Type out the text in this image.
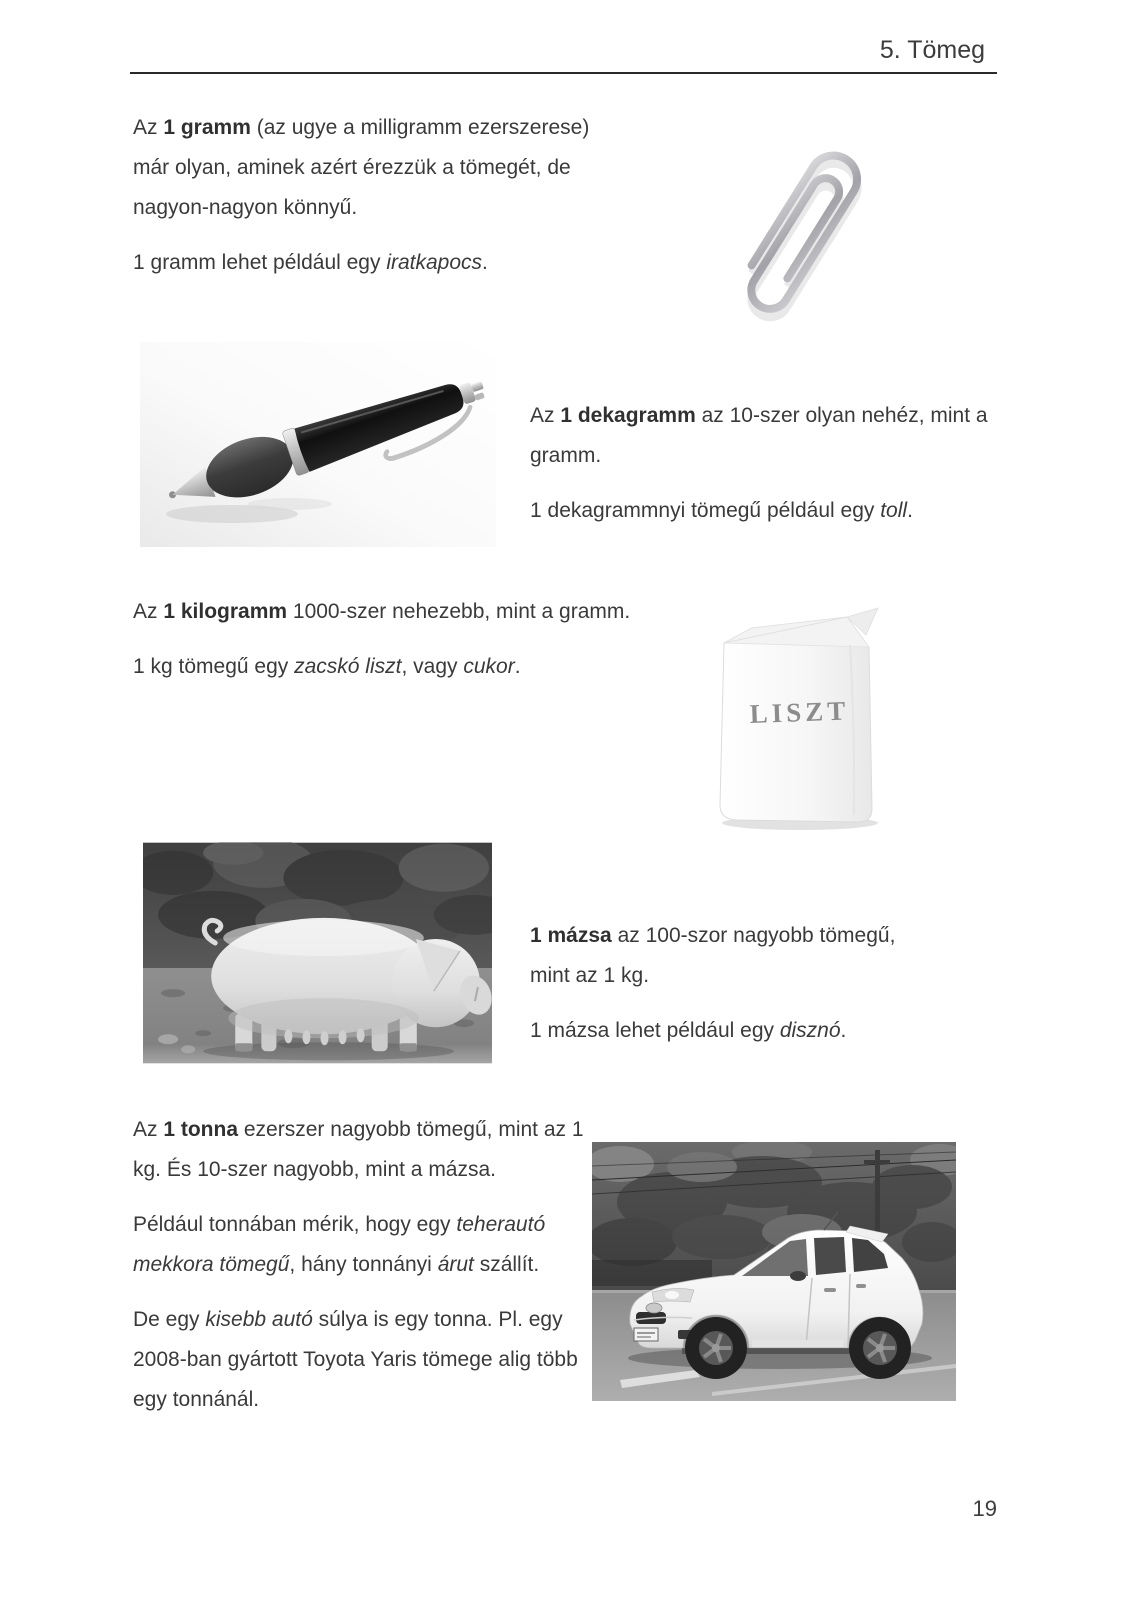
5. Tömeg

Az 1 gramm (az ugye a milligramm ezerszerese) már olyan, aminek azért érezzük a tömegét, de nagyon-nagyon könnyű.

1 gramm lehet például egy iratkapocs.

Az 1 dekagramm az 10-szer olyan nehéz, mint a gramm.

1 dekagrammnyi tömegű például egy toll.

Az 1 kilogramm 1000-szer nehezebb, mint a gramm.

1 kg tömegű egy zacskó liszt, vagy cukor.

LISZT

1 mázsa az 100-szor nagyobb tömegű, mint az 1 kg.

1 mázsa lehet például egy disznó.

Az 1 tonna ezerszer nagyobb tömegű, mint az 1 kg. És 10-szer nagyobb, mint a mázsa.

Például tonnában mérik, hogy egy teherautó mekkora tömegű, hány tonnányi árut szállít.

De egy kisebb autó súlya is egy tonna. Pl. egy 2008-ban gyártott Toyota Yaris tömege alig több egy tonnánál.

19
